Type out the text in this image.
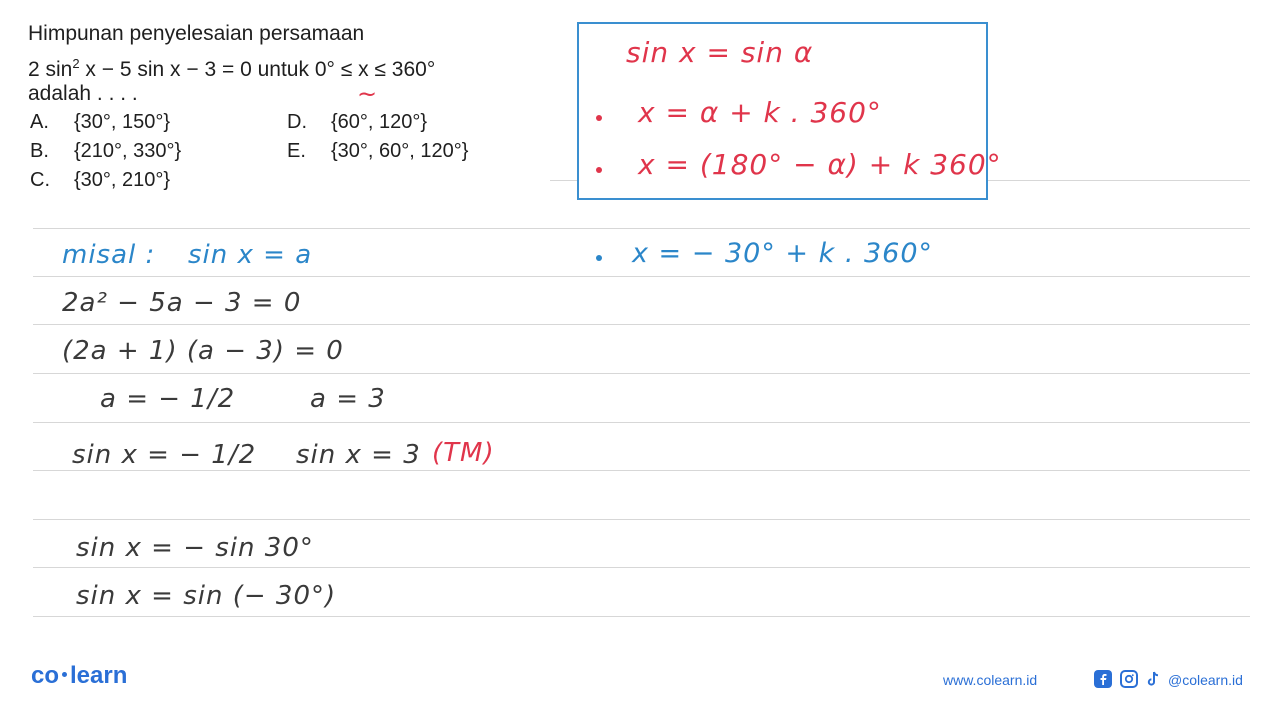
Himpunan penyelesaian persamaan
2 $\sin^2 x - 5$ sin x − 3 = 0 untuk 0° ≤ x ≤ 360°
adalah . . . .	~
A. {30°, 150°}
B. {210°, 330°}
C. {30°, 210°}
D. {60°, 120°}
E. {30°, 60°, 120°}
sin x = sin α
x = α + k . 360°
x = (180° − α) + k 360°
misal : sin x = a	x = − 30° + k . 360°
2a² − 5a − 3 = 0
(2a + 1) (a − 3) = 0
a = − 1/2	a = 3
sin x = − 1/2 sin x = 3 (TM)
sin x = − sin 30°
sin x = sin (− 30°)
co learn	www.colearn.id	@colearn.id
